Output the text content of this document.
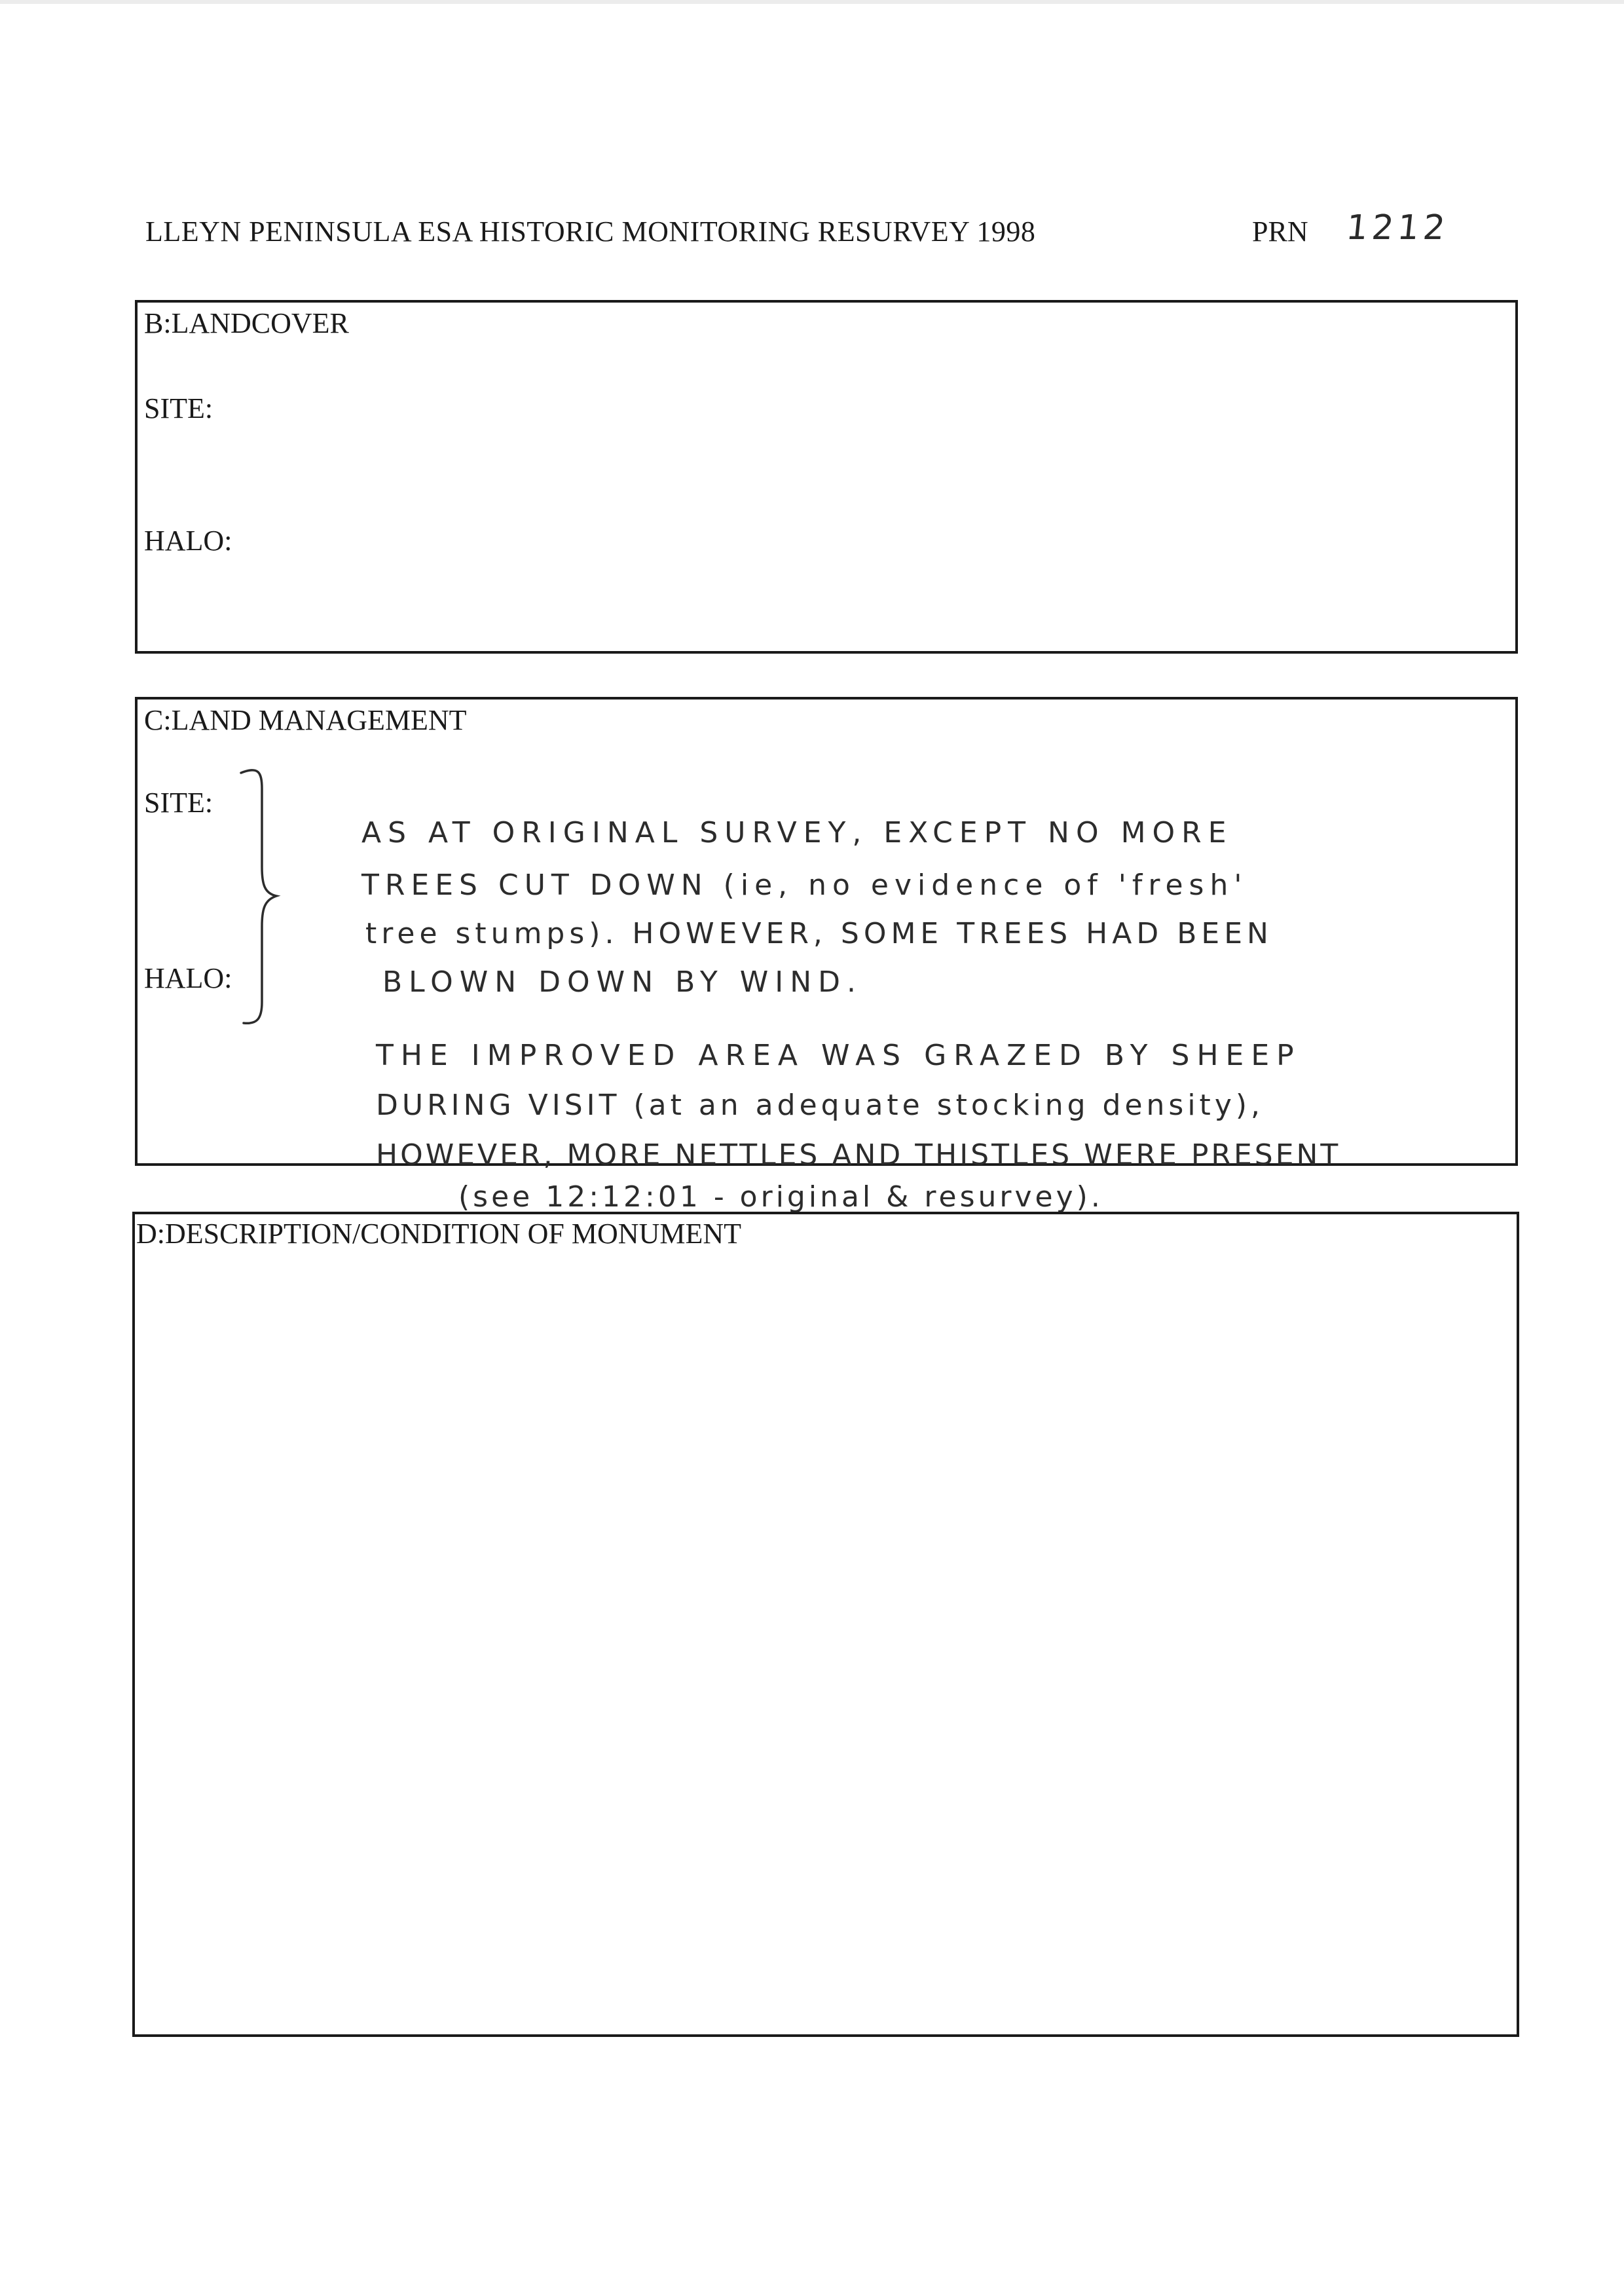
LLEYN PENINSULA ESA HISTORIC MONITORING RESURVEY 1998	PRN 1212
B:LANDCOVER
SITE:
HALO:
C:LAND MANAGEMENT
SITE:
HALO:
AS AT ORIGINAL SURVEY, EXCEPT NO MORE
TREES CUT DOWN (ie, no evidence of 'fresh'
tree stumps). HOWEVER, SOME TREES HAD BEEN
BLOWN DOWN BY WIND.
THE IMPROVED AREA WAS GRAZED BY SHEEP
DURING VISIT (at an adequate stocking density),
HOWEVER, MORE NETTLES AND THISTLES WERE PRESENT
(see 12:12:01 - original & resurvey).
D:DESCRIPTION/CONDITION OF MONUMENT
